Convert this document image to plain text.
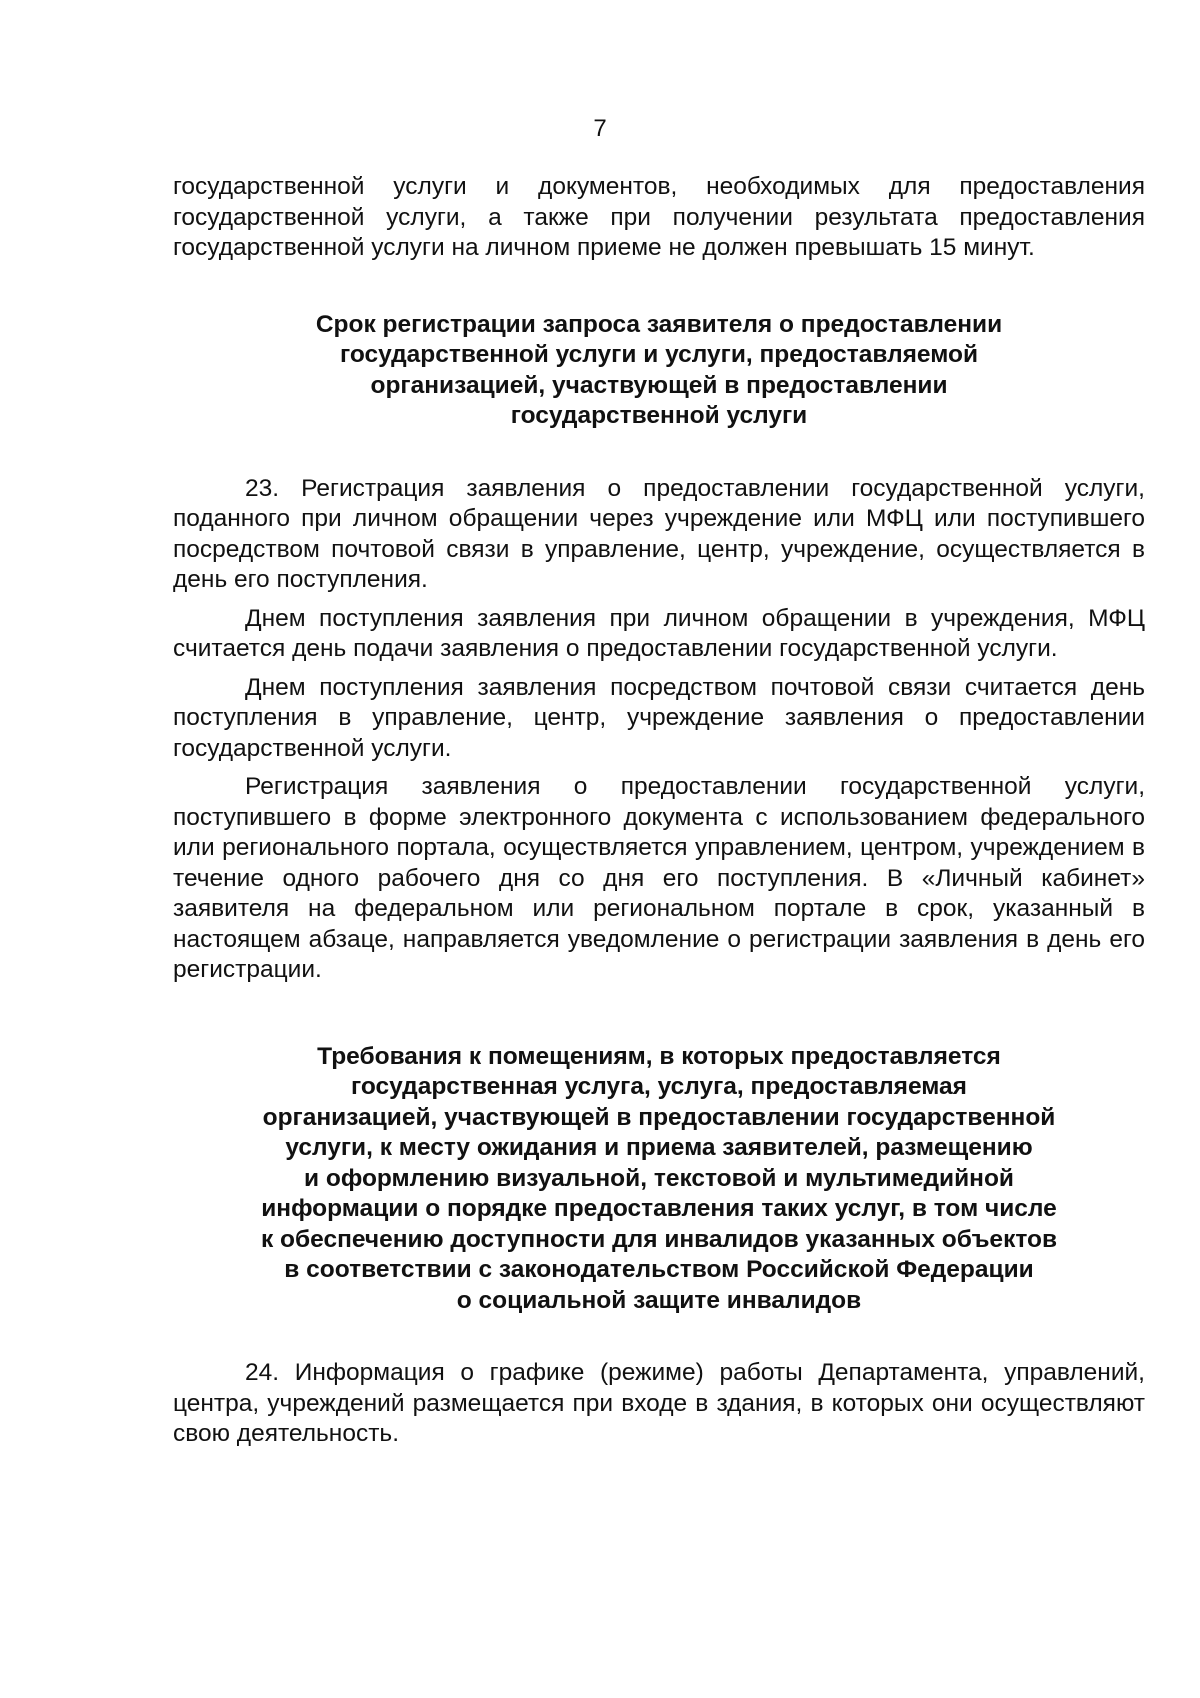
7

государственной услуги и документов, необходимых для предоставления государственной услуги, а также при получении результата предоставления государственной услуги на личном приеме не должен превышать 15 минут.

Срок регистрации запроса заявителя о предоставлении
государственной услуги и услуги, предоставляемой
организацией, участвующей в предоставлении
государственной услуги

23. Регистрация заявления о предоставлении государственной услуги, поданного при личном обращении через учреждение или МФЦ или поступившего посредством почтовой связи в управление, центр, учреждение, осуществляется в день его поступления.

Днем поступления заявления при личном обращении в учреждения, МФЦ считается день подачи заявления о предоставлении государственной услуги.

Днем поступления заявления посредством почтовой связи считается день поступления в управление, центр, учреждение заявления о предоставлении государственной услуги.

Регистрация заявления о предоставлении государственной услуги, поступившего в форме электронного документа с использованием федерального или регионального портала, осуществляется управлением, центром, учреждением в течение одного рабочего дня со дня его поступления. В «Личный кабинет» заявителя на федеральном или региональном портале в срок, указанный в настоящем абзаце, направляется уведомление о регистрации заявления в день его регистрации.

Требования к помещениям, в которых предоставляется
государственная услуга, услуга, предоставляемая
организацией, участвующей в предоставлении государственной
услуги, к месту ожидания и приема заявителей, размещению
и оформлению визуальной, текстовой и мультимедийной
информации о порядке предоставления таких услуг, в том числе
к обеспечению доступности для инвалидов указанных объектов
в соответствии с законодательством Российской Федерации
о социальной защите инвалидов

24. Информация о графике (режиме) работы Департамента, управлений, центра, учреждений размещается при входе в здания, в которых они осуществляют свою деятельность.
